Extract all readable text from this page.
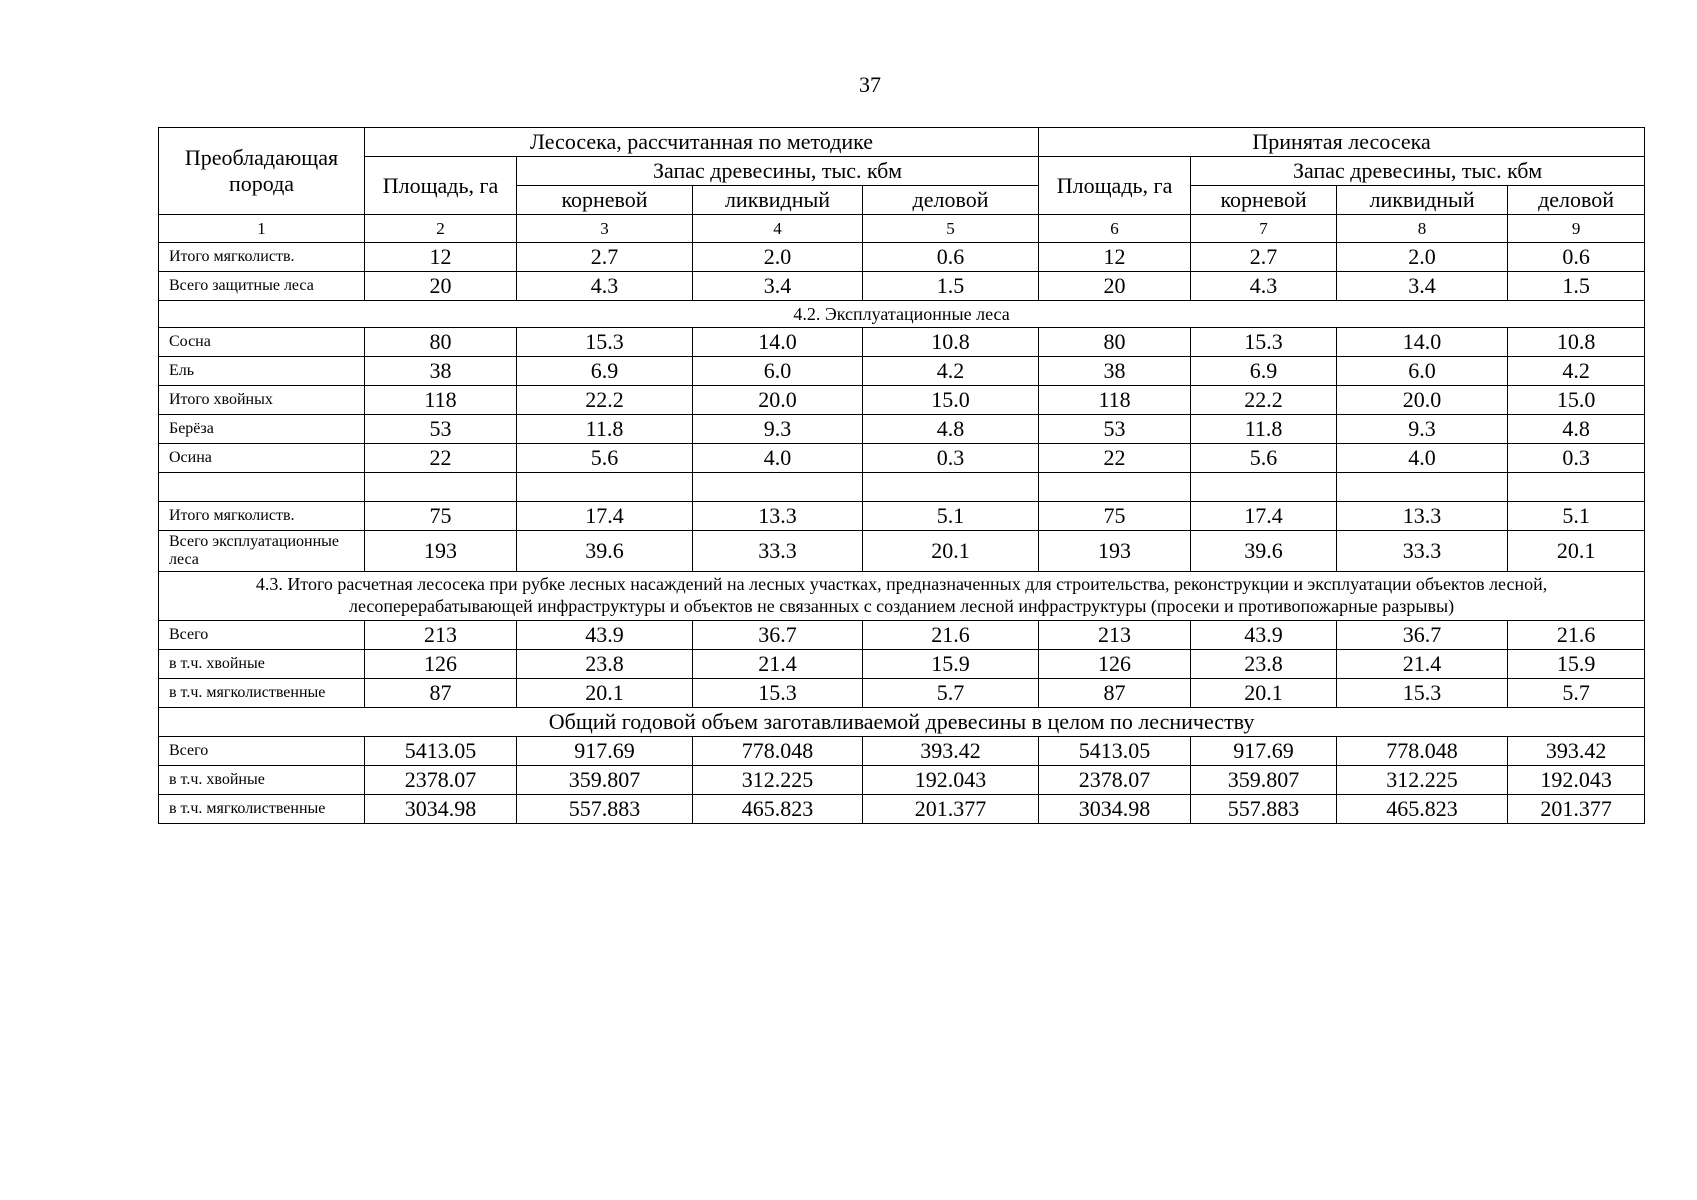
37
Преобладающая порода	Лесосека, рассчитанная по методике				Принятая лесосека			
	Площадь, га	Запас древесины, тыс. кбм			Площадь, га	Запас древесины, тыс. кбм		
		корневой	ликвидный	деловой		корневой	ликвидный	деловой
1	2	3	4	5	6	7	8	9
Итого мягколиств.	12	2.7	2.0	0.6	12	2.7	2.0	0.6
Всего защитные леса	20	4.3	3.4	1.5	20	4.3	3.4	1.5
4.2. Эксплуатационные леса								
Сосна	80	15.3	14.0	10.8	80	15.3	14.0	10.8
Ель	38	6.9	6.0	4.2	38	6.9	6.0	4.2
Итого хвойных	118	22.2	20.0	15.0	118	22.2	20.0	15.0
Берёза	53	11.8	9.3	4.8	53	11.8	9.3	4.8
Осина	22	5.6	4.0	0.3	22	5.6	4.0	0.3

Итого мягколиств.	75	17.4	13.3	5.1	75	17.4	13.3	5.1
Всего эксплуатационные леса	193	39.6	33.3	20.1	193	39.6	33.3	20.1
4.3. Итого расчетная лесосека при рубке лесных насаждений на лесных участках, предназначенных для строительства, реконструкции и эксплуатации объектов лесной, лесоперерабатывающей инфраструктуры и объектов не связанных с созданием лесной инфраструктуры (просеки и противопожарные разрывы)								
Всего	213	43.9	36.7	21.6	213	43.9	36.7	21.6
в т.ч. хвойные	126	23.8	21.4	15.9	126	23.8	21.4	15.9
в т.ч. мягколиственные	87	20.1	15.3	5.7	87	20.1	15.3	5.7
Общий годовой объем заготавливаемой древесины в целом по лесничеству								
Всего	5413.05	917.69	778.048	393.42	5413.05	917.69	778.048	393.42
в т.ч. хвойные	2378.07	359.807	312.225	192.043	2378.07	359.807	312.225	192.043
в т.ч. мягколиственные	3034.98	557.883	465.823	201.377	3034.98	557.883	465.823	201.377
